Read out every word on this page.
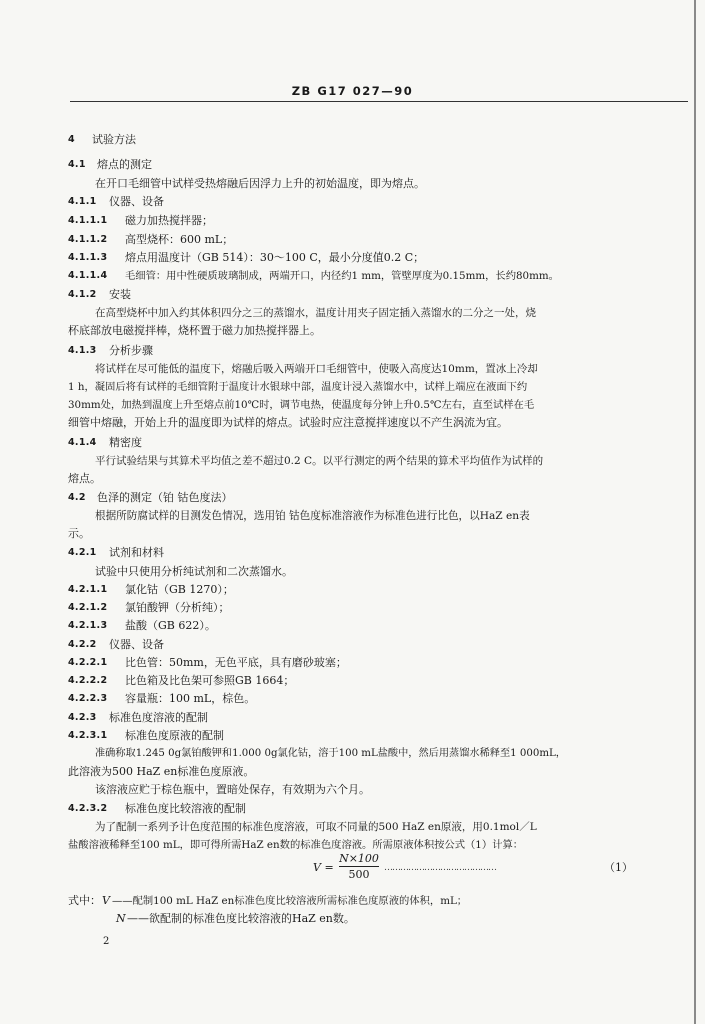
ZB G17 027—90
4 试验方法
4.1 熔点的测定
在开口毛细管中试样受热熔融后因浮力上升的初始温度，即为熔点。
4.1.1 仪器、设备
4.1.1.1 磁力加热搅拌器；
4.1.1.2 高型烧杯：600 mL；
4.1.1.3 熔点用温度计（GB 514）：30～100 C，最小分度值0.2 C；
4.1.1.4 毛细管：用中性硬质玻璃制成，两端开口，内径约1 mm，管壁厚度为0.15mm，长约80mm。
4.1.2 安装
在高型烧杯中加入约其体积四分之三的蒸馏水，温度计用夹子固定插入蒸馏水的二分之一处，烧
杯底部放电磁搅拌棒，烧杯置于磁力加热搅拌器上。
4.1.3 分析步骤
将试样在尽可能低的温度下，熔融后吸入两端开口毛细管中，使吸入高度达10mm，置冰上冷却
1 h，凝固后将有试样的毛细管附于温度计水银球中部，温度计浸入蒸馏水中，试样上端应在液面下约
30mm处，加热到温度上升至熔点前10℃时，调节电热，使温度每分钟上升0.5℃左右，直至试样在毛
细管中熔融，开始上升的温度即为试样的熔点。试验时应注意搅拌速度以不产生涡流为宜。
4.1.4 精密度
平行试验结果与其算术平均值之差不超过0.2 C。以平行测定的两个结果的算术平均值作为试样的
熔点。
4.2 色泽的测定（铂 钴色度法）
根据所防腐试样的目测发色情况，选用铂 钴色度标准溶液作为标准色进行比色，以HaZ en表
示。
4.2.1 试剂和材料
试验中只使用分析纯试剂和二次蒸馏水。
4.2.1.1 氯化钴（GB 1270）；
4.2.1.2 氯铂酸钾（分析纯）；
4.2.1.3 盐酸（GB 622）。
4.2.2 仪器、设备
4.2.2.1 比色管：50mm，无色平底，具有磨砂玻塞；
4.2.2.2 比色箱及比色架可参照GB 1664；
4.2.2.3 容量瓶：100 mL，棕色。
4.2.3 标准色度溶液的配制
4.2.3.1 标准色度原液的配制
准确称取1.245 0g氯铂酸钾和1.000 0g氯化钴，溶于100 mL盐酸中，然后用蒸馏水稀释至1 000mL，
此溶液为500 HaZ en标准色度原液。
该溶液应贮于棕色瓶中，置暗处保存，有效期为六个月。
4.2.3.2 标准色度比较溶液的配制
为了配制一系列予计色度范围的标准色度溶液，可取不同量的500 HaZ en原液，用0.1mol／L
盐酸溶液稀释至100 mL，即可得所需HaZ en数的标准色度溶液。所需原液体积按公式（1）计算：
$V = \frac{N\times 100}{500}$ ……………………………………	（1）
式中： V ——配制100 mL HaZ en标准色度比较溶液所需标准色度原液的体积，mL；
N ——欲配制的标准色度比较溶液的HaZ en数。
2
